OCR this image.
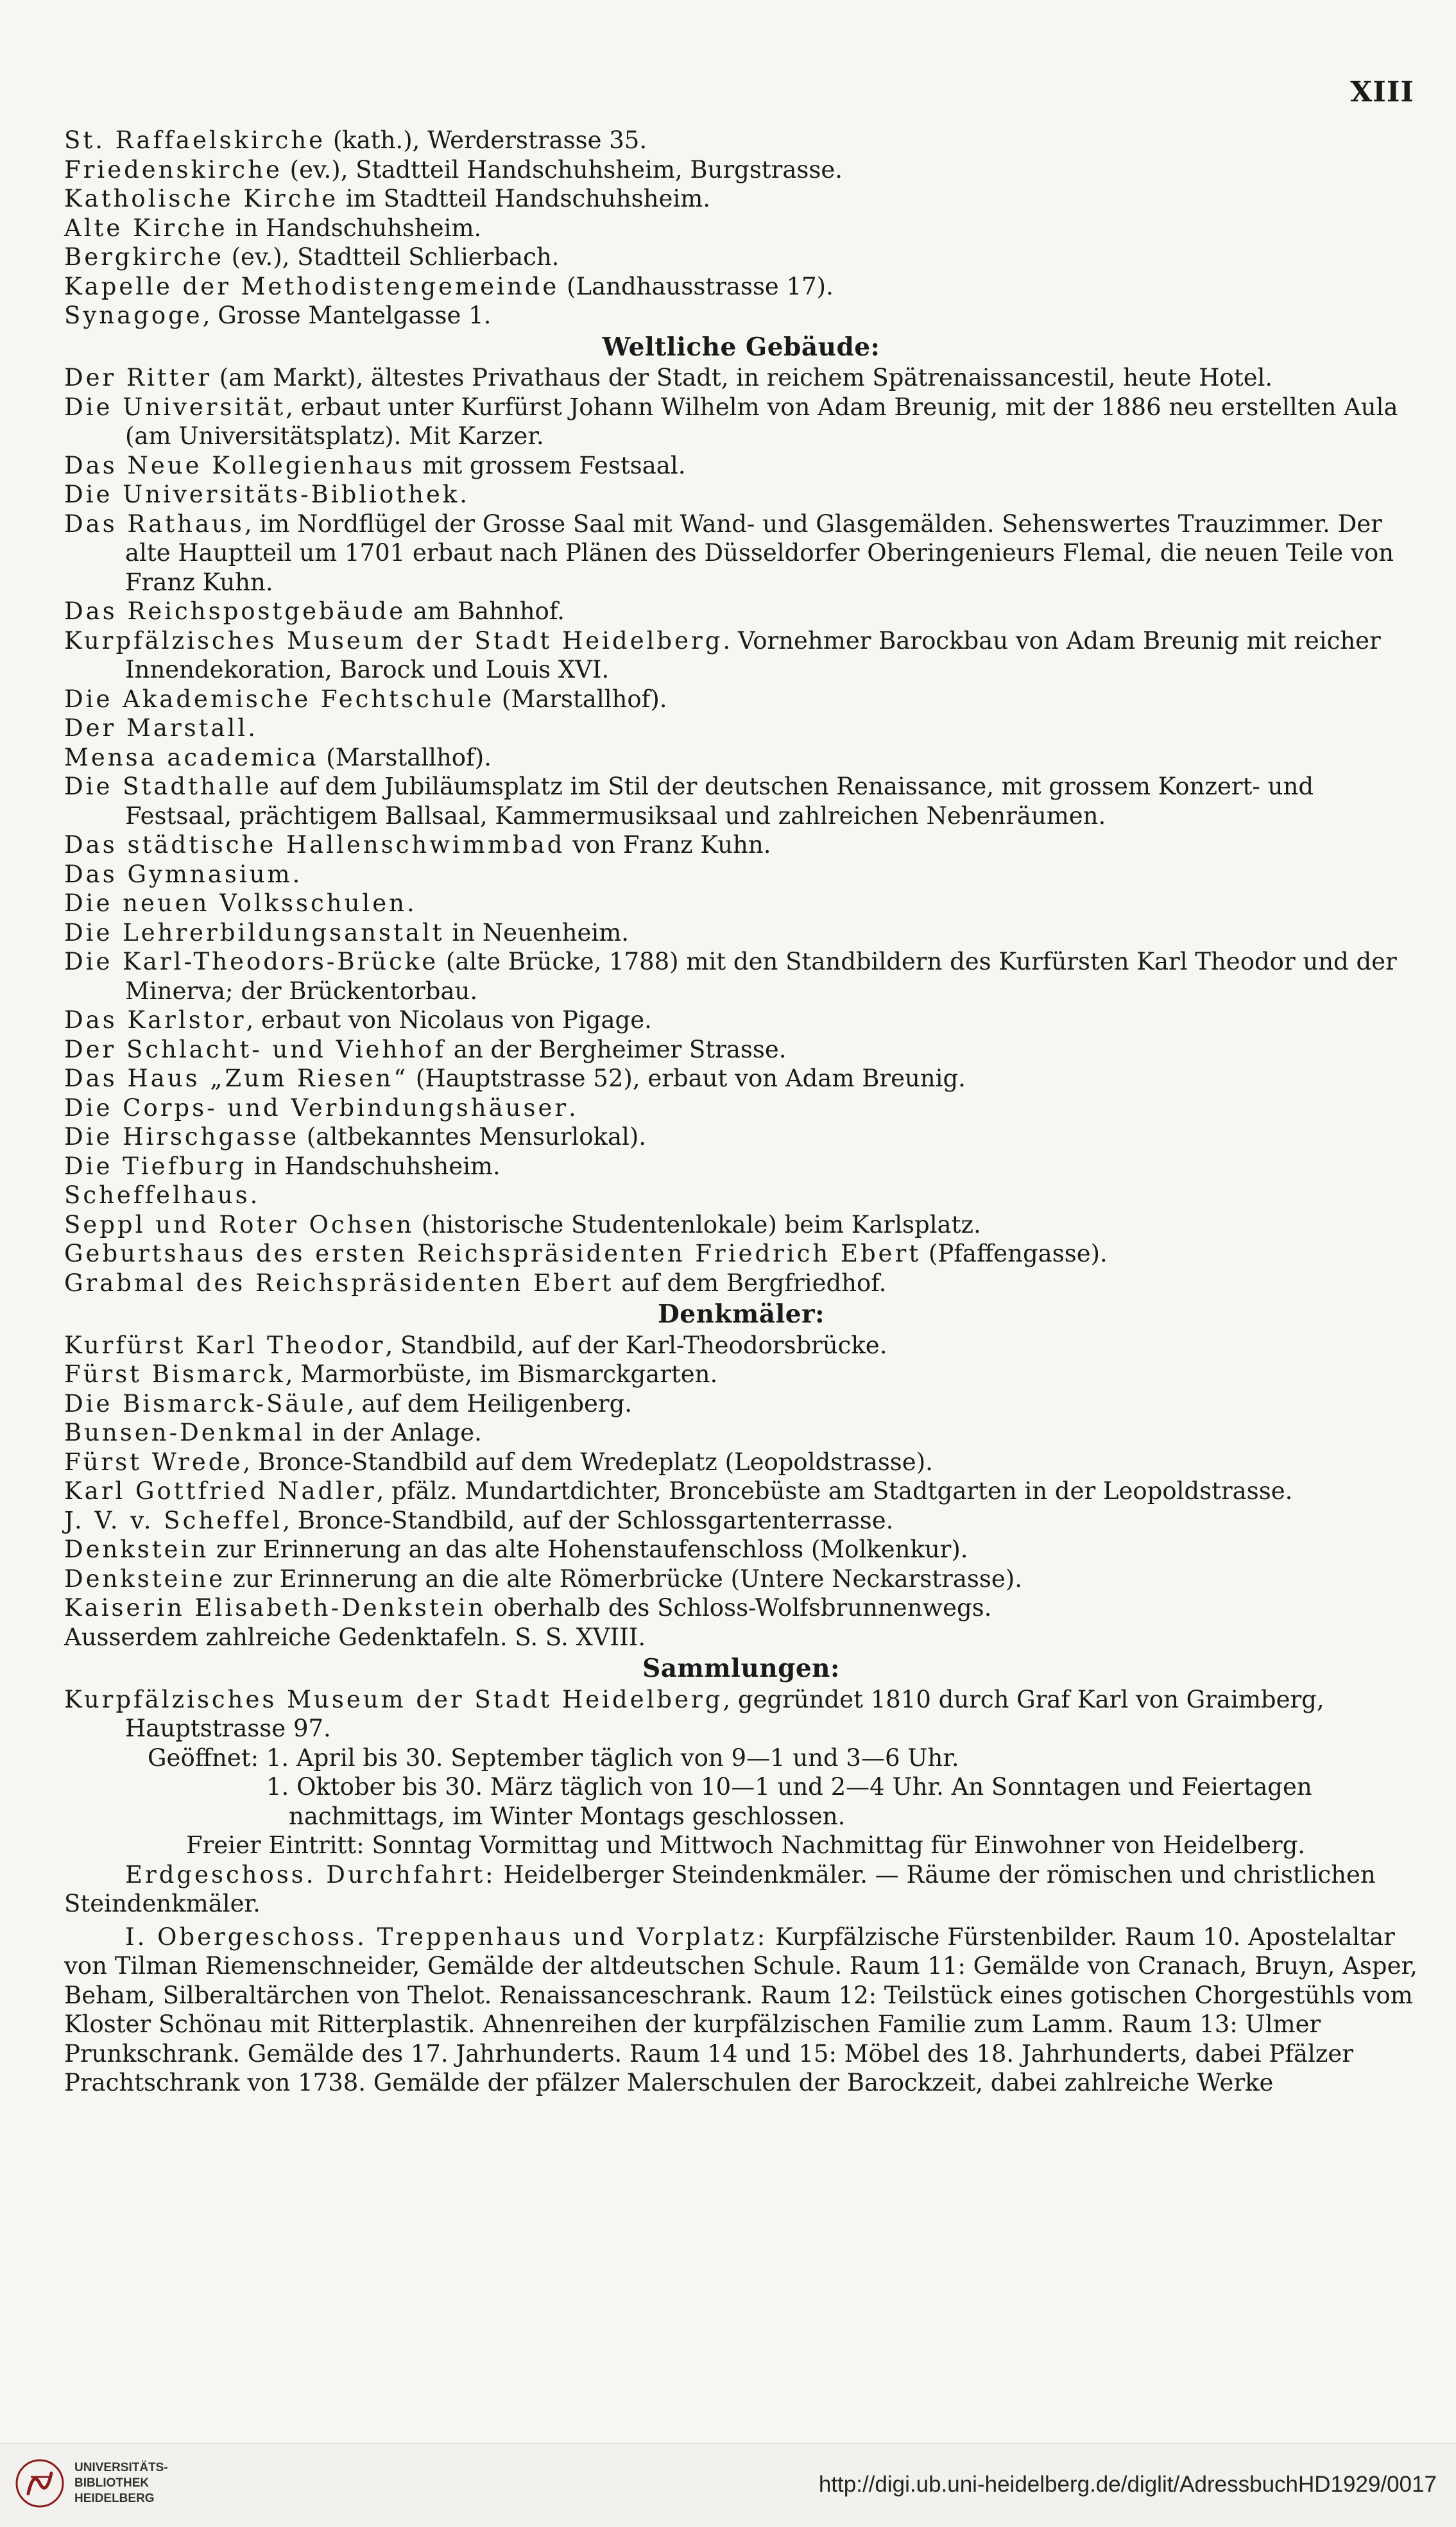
XIII

St. Raffaelskirche (kath.), Werderstrasse 35.

Friedenskirche (ev.), Stadtteil Handschuhsheim, Burgstrasse.

Katholische Kirche im Stadtteil Handschuhsheim.

Alte Kirche in Handschuhsheim.

Bergkirche (ev.), Stadtteil Schlierbach.

Kapelle der Methodistengemeinde (Landhausstrasse 17).

Synagoge, Grosse Mantelgasse 1.

Weltliche Gebäude:

Der Ritter (am Markt), ältestes Privathaus der Stadt, in reichem Spätrenaissancestil, heute Hotel.

Die Universität, erbaut unter Kurfürst Johann Wilhelm von Adam Breunig, mit der 1886 neu erstellten Aula (am Universitätsplatz). Mit Karzer.

Das Neue Kollegienhaus mit grossem Festsaal.

Die Universitäts-Bibliothek.

Das Rathaus, im Nordflügel der Grosse Saal mit Wand- und Glasgemälden. Sehenswertes Trauzimmer. Der alte Hauptteil um 1701 erbaut nach Plänen des Düsseldorfer Oberingenieurs Flemal, die neuen Teile von Franz Kuhn.

Das Reichspostgebäude am Bahnhof.

Kurpfälzisches Museum der Stadt Heidelberg. Vornehmer Barockbau von Adam Breunig mit reicher Innendekoration, Barock und Louis XVI.

Die Akademische Fechtschule (Marstallhof).

Der Marstall.

Mensa academica (Marstallhof).

Die Stadthalle auf dem Jubiläumsplatz im Stil der deutschen Renaissance, mit grossem Konzert- und Festsaal, prächtigem Ballsaal, Kammermusiksaal und zahlreichen Nebenräumen.

Das städtische Hallenschwimmbad von Franz Kuhn.

Das Gymnasium.

Die neuen Volksschulen.

Die Lehrerbildungsanstalt in Neuenheim.

Die Karl-Theodors-Brücke (alte Brücke, 1788) mit den Standbildern des Kurfürsten Karl Theodor und der Minerva; der Brückentorbau.

Das Karlstor, erbaut von Nicolaus von Pigage.

Der Schlacht- und Viehhof an der Bergheimer Strasse.

Das Haus „Zum Riesen“ (Hauptstrasse 52), erbaut von Adam Breunig.

Die Corps- und Verbindungshäuser.

Die Hirschgasse (altbekanntes Mensurlokal).

Die Tiefburg in Handschuhsheim.

Scheffelhaus.

Seppl und Roter Ochsen (historische Studentenlokale) beim Karlsplatz.

Geburtshaus des ersten Reichspräsidenten Friedrich Ebert (Pfaffengasse).

Grabmal des Reichspräsidenten Ebert auf dem Bergfriedhof.

Denkmäler:

Kurfürst Karl Theodor, Standbild, auf der Karl-Theodorsbrücke.

Fürst Bismarck, Marmorbüste, im Bismarckgarten.

Die Bismarck-Säule, auf dem Heiligenberg.

Bunsen-Denkmal in der Anlage.

Fürst Wrede, Bronce-Standbild auf dem Wredeplatz (Leopoldstrasse).

Karl Gottfried Nadler, pfälz. Mundartdichter, Broncebüste am Stadtgarten in der Leopoldstrasse.

J. V. v. Scheffel, Bronce-Standbild, auf der Schlossgartenterrasse.

Denkstein zur Erinnerung an das alte Hohenstaufenschloss (Molkenkur).

Denksteine zur Erinnerung an die alte Römerbrücke (Untere Neckarstrasse).

Kaiserin Elisabeth-Denkstein oberhalb des Schloss-Wolfsbrunnenwegs.

Ausserdem zahlreiche Gedenktafeln. S. S. XVIII.

Sammlungen:

Kurpfälzisches Museum der Stadt Heidelberg, gegründet 1810 durch Graf Karl von Graimberg, Hauptstrasse 97.

Geöffnet: 1. April bis 30. September täglich von 9—1 und 3—6 Uhr.

1. Oktober bis 30. März täglich von 10—1 und 2—4 Uhr. An Sonntagen und Feiertagen nachmittags, im Winter Montags geschlossen.

Freier Eintritt: Sonntag Vormittag und Mittwoch Nachmittag für Einwohner von Heidelberg.

Erdgeschoss. Durchfahrt: Heidelberger Steindenkmäler. — Räume der römischen und christlichen Steindenkmäler.

I. Obergeschoss. Treppenhaus und Vorplatz: Kurpfälzische Fürstenbilder. Raum 10. Apostelaltar von Tilman Riemenschneider, Gemälde der altdeutschen Schule. Raum 11: Gemälde von Cranach, Bruyn, Asper, Beham, Silberaltärchen von Thelot. Renaissanceschrank. Raum 12: Teilstück eines gotischen Chorgestühls vom Kloster Schönau mit Ritterplastik. Ahnenreihen der kurpfälzischen Familie zum Lamm. Raum 13: Ulmer Prunkschrank. Gemälde des 17. Jahrhunderts. Raum 14 und 15: Möbel des 18. Jahrhunderts, dabei Pfälzer Prachtschrank von 1738. Gemälde der pfälzer Malerschulen der Barockzeit, dabei zahlreiche Werke

UNIVERSITÄTS-
BIBLIOTHEK
HEIDELBERG
http://digi.ub.uni-heidelberg.de/diglit/AdressbuchHD1929/0017
